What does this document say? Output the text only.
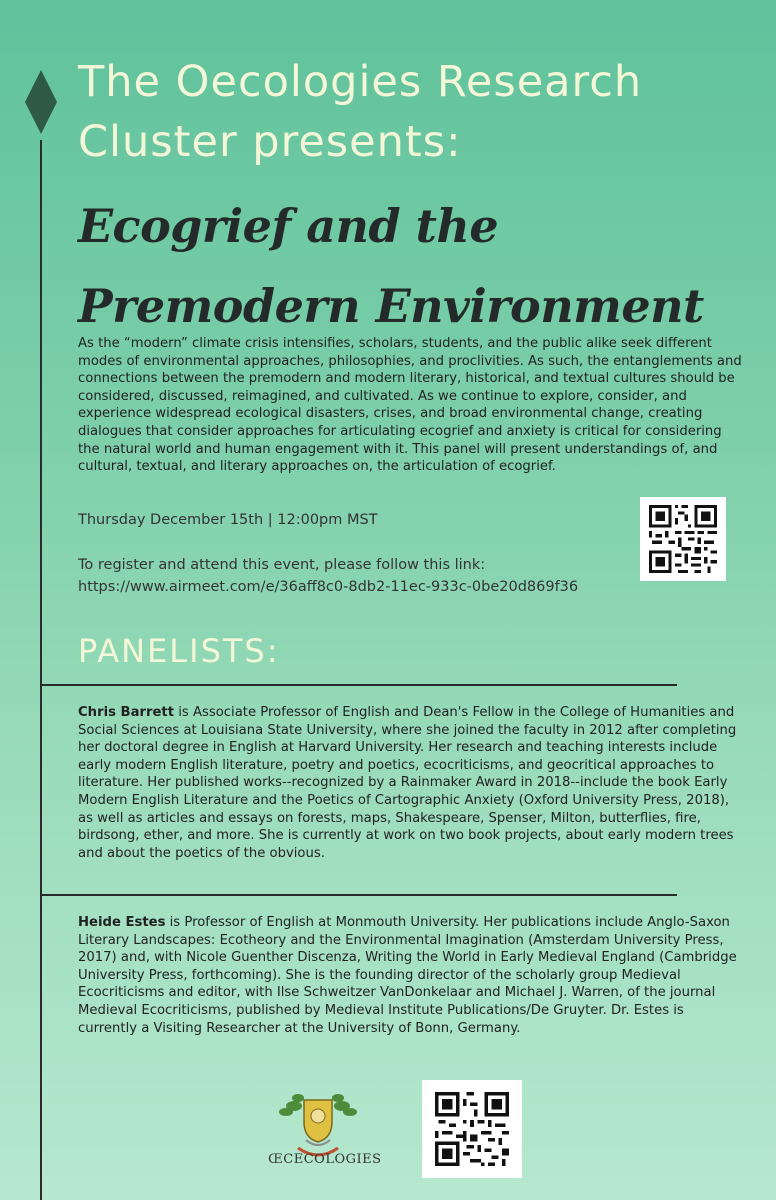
The Oecologies Research Cluster presents:
Ecogrief and the
Premodern Environment

As the “modern” climate crisis intensifies, scholars, students, and the public alike seek different modes of environmental approaches, philosophies, and proclivities. As such, the entanglements and connections between the premodern and modern literary, historical, and textual cultures should be considered, discussed, reimagined, and cultivated. As we continue to explore, consider, and experience widespread ecological disasters, crises, and broad environmental change, creating dialogues that consider approaches for articulating ecogrief and anxiety is critical for considering the natural world and human engagement with it. This panel will present understandings of, and cultural, textual, and literary approaches on, the articulation of ecogrief.

Thursday December 15th | 12:00pm MST
To register and attend this event, please follow this link:
https://www.airmeet.com/e/36aff8c0-8db2-11ec-933c-0be20d869f36
PANELISTS:

Chris Barrett is Associate Professor of English and Dean's Fellow in the College of Humanities and Social Sciences at Louisiana State University, where she joined the faculty in 2012 after completing her doctoral degree in English at Harvard University. Her research and teaching interests include early modern English literature, poetry and poetics, ecocriticisms, and geocritical approaches to literature. Her published works--recognized by a Rainmaker Award in 2018--include the book Early Modern English Literature and the Poetics of Cartographic Anxiety (Oxford University Press, 2018), as well as articles and essays on forests, maps, Shakespeare, Spenser, Milton, butterflies, fire, birdsong, ether, and more. She is currently at work on two book projects, about early modern trees and about the poetics of the obvious.

Heide Estes is Professor of English at Monmouth University. Her publications include Anglo-Saxon Literary Landscapes: Ecotheory and the Environmental Imagination (Amsterdam University Press, 2017) and, with Nicole Guenther Discenza, Writing the World in Early Medieval England (Cambridge University Press, forthcoming). She is the founding director of the scholarly group Medieval Ecocriticisms and editor, with Ilse Schweitzer VanDonkelaar and Michael J. Warren, of the journal Medieval Ecocriticisms, published by Medieval Institute Publications/De Gruyter. Dr. Estes is currently a Visiting Researcher at the University of Bonn, Germany.

ŒCECOLOGIES
